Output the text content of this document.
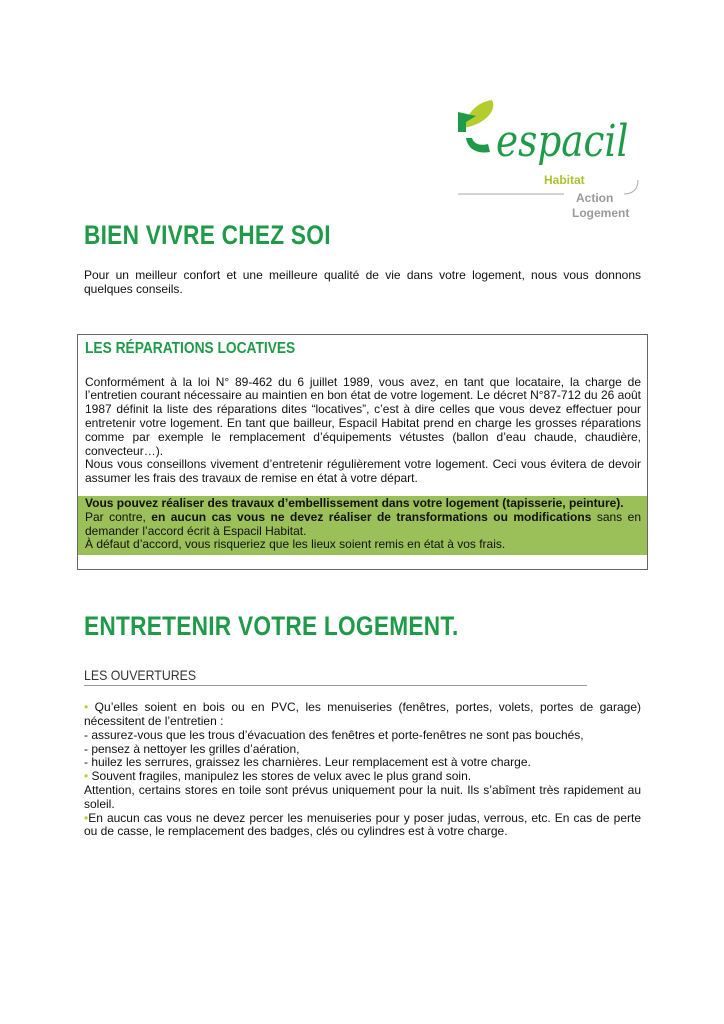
espacil
Habitat
Action
Logement
BIEN VIVRE CHEZ SOI
Pour un meilleur confort et une meilleure qualité de vie dans votre logement, nous vous donnons quelques conseils.
LES RÉPARATIONS LOCATIVES
Conformément à la loi N° 89-462 du 6 juillet 1989, vous avez, en tant que locataire, la charge de l’entretien courant nécessaire au maintien en bon état de votre logement. Le décret N°87-712 du 26 août 1987 définit la liste des réparations dites “locatives”, c’est à dire celles que vous devez effectuer pour entretenir votre logement. En tant que bailleur, Espacil Habitat prend en charge les grosses réparations comme par exemple le remplacement d’équipements vétustes (ballon d’eau chaude, chaudière, convecteur…).
Nous vous conseillons vivement d’entretenir régulièrement votre logement. Ceci vous évitera de devoir assumer les frais des travaux de remise en état à votre départ.
Vous pouvez réaliser des travaux d’embellissement dans votre logement (tapisserie, peinture).
Par contre, en aucun cas vous ne devez réaliser de transformations ou modifications sans en demander l’accord écrit à Espacil Habitat.
À défaut d’accord, vous risqueriez que les lieux soient remis en état à vos frais.
ENTRETENIR VOTRE LOGEMENT.
LES OUVERTURES
• Qu’elles soient en bois ou en PVC, les menuiseries (fenêtres, portes, volets, portes de garage) nécessitent de l’entretien :
- assurez-vous que les trous d’évacuation des fenêtres et porte-fenêtres ne sont pas bouchés,
- pensez à nettoyer les grilles d’aération,
- huilez les serrures, graissez les charnières. Leur remplacement est à votre charge.
• Souvent fragiles, manipulez les stores de velux avec le plus grand soin.
Attention, certains stores en toile sont prévus uniquement pour la nuit. Ils s’abîment très rapidement au soleil.
•En aucun cas vous ne devez percer les menuiseries pour y poser judas, verrous, etc. En cas de perte ou de casse, le remplacement des badges, clés ou cylindres est à votre charge.
